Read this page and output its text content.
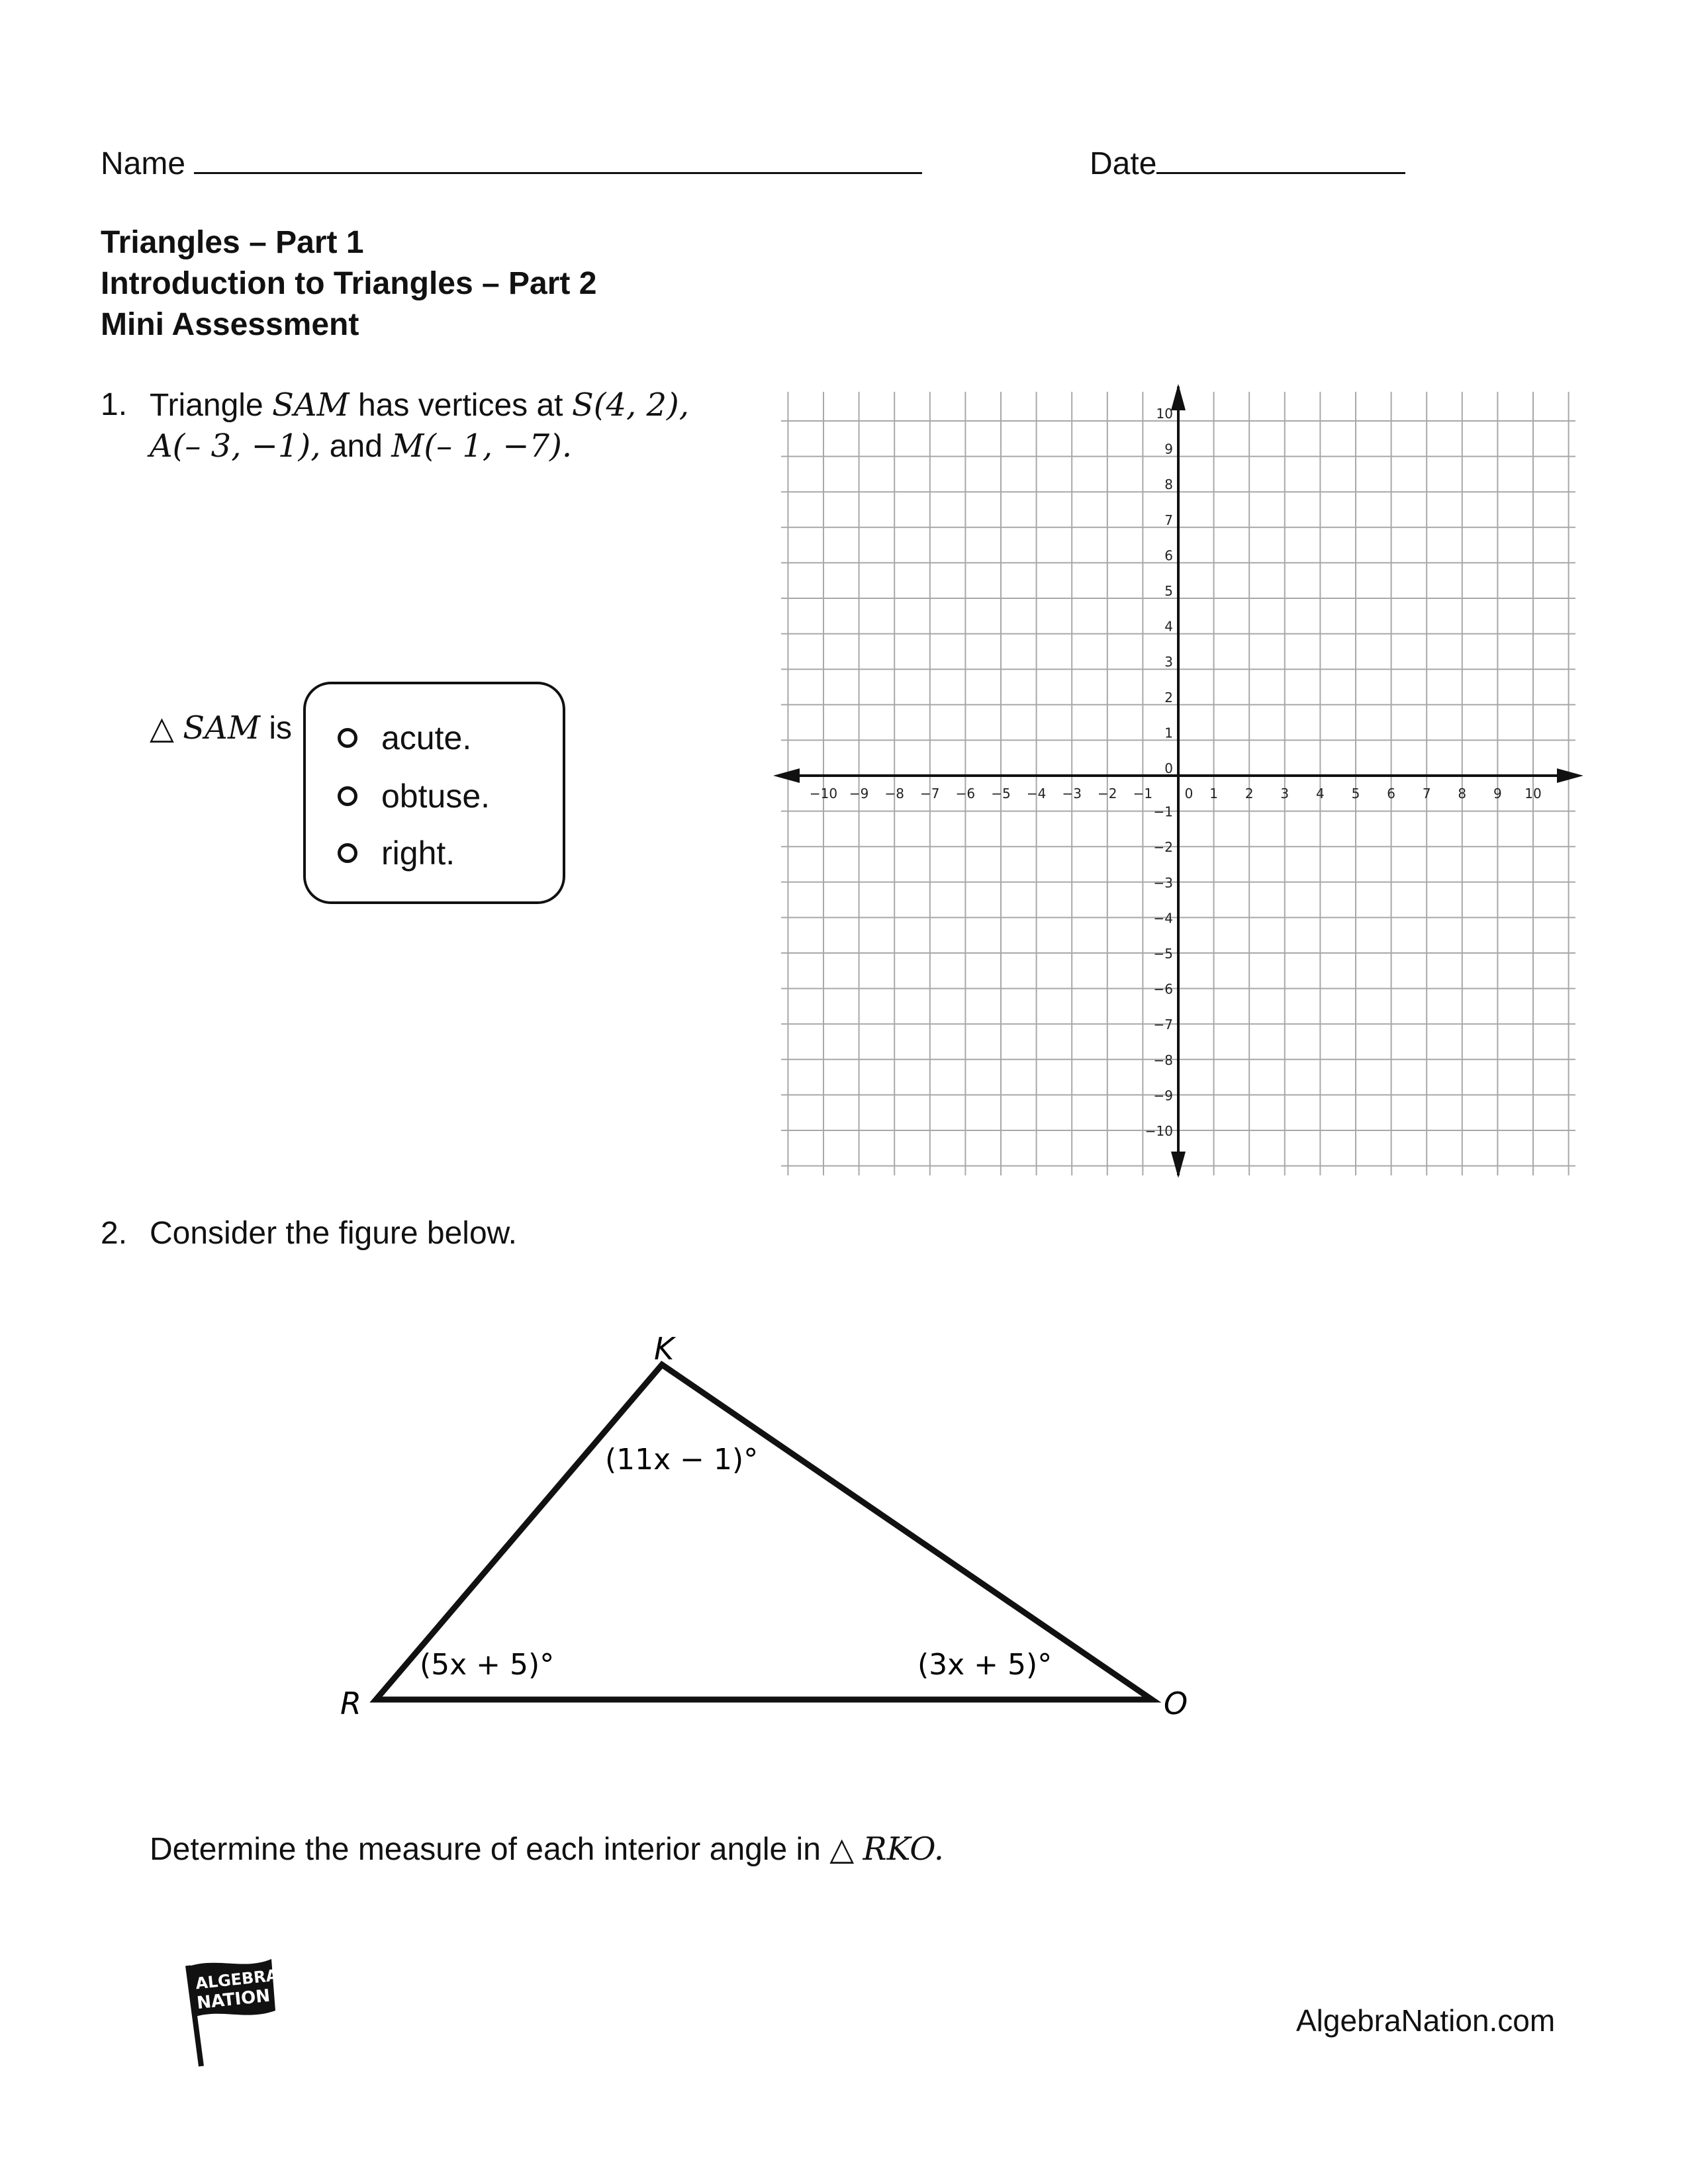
Name	Date
Triangles – Part 1
Introduction to Triangles – Part 2
Mini Assessment
1. Triangle SAM has vertices at S(4, 2),
A(– 3, −1), and M(– 1, −7).
△ SAM is	acute.
obtuse.
right.
−10 −9 −8 −7 −6 −5 −4 −3 −2 −1 0 1 2 3 4 5 6 7 8 9 10
10
9
8
7
6
5
4
3
2
1
0
−1
−2
−3
−4
−5
−6
−7
−8
−9
−10
2. Consider the figure below.
K
R	O
(11x − 1)°
(5x + 5)°	(3x + 5)°
Determine the measure of each interior angle in △ RKO.
ALGEBRA
NATION
AlgebraNation.com
